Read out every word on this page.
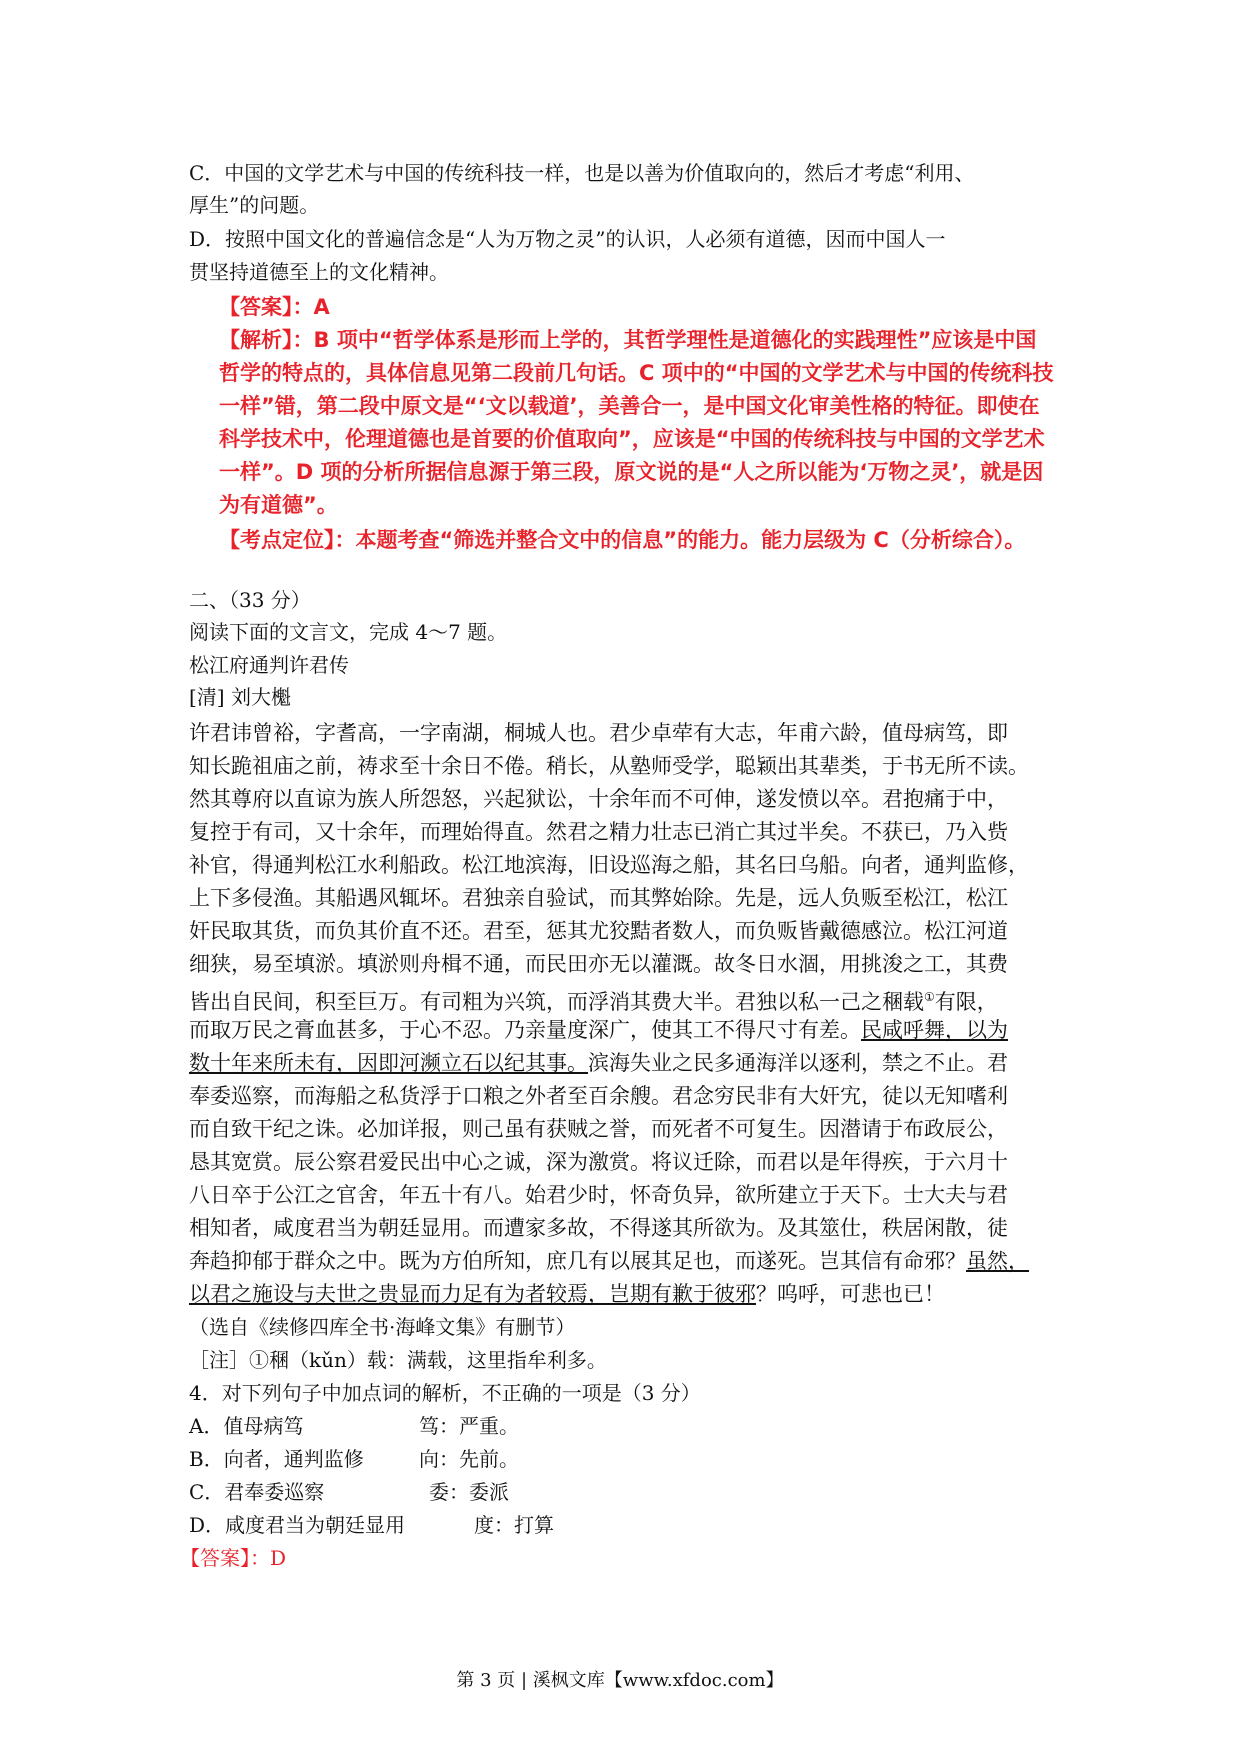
C．中国的文学艺术与中国的传统科技一样，也是以善为价值取向的，然后才考虑“利用、
厚生”的问题。
D．按照中国文化的普遍信念是“人为万物之灵”的认识，人必须有道德，因而中国人一
贯坚持道德至上的文化精神。
【答案】：A
【解析】：B 项中“哲学体系是形而上学的，其哲学理性是道德化的实践理性”应该是中国
哲学的特点的，具体信息见第二段前几句话。C 项中的“中国的文学艺术与中国的传统科技
一样”错，第二段中原文是“‘文以载道’，美善合一，是中国文化审美性格的特征。即使在
科学技术中，伦理道德也是首要的价值取向”，应该是“中国的传统科技与中国的文学艺术
一样”。D 项的分析所据信息源于第三段，原文说的是“人之所以能为‘万物之灵’，就是因
为有道德”。
【考点定位】：本题考查“筛选并整合文中的信息”的能力。能力层级为 C（分析综合）。
二、（33 分）
阅读下面的文言文，完成 4～7 题。
松江府通判许君传
[清] 刘大櫆
许君讳曾裕，字耆高，一字南湖，桐城人也。君少卓荦有大志，年甫六龄，值母病笃，即
知长跪祖庙之前，祷求至十余日不倦。稍长，从塾师受学，聪颖出其辈类，于书无所不读。
然其尊府以直谅为族人所怨怒，兴起狱讼，十余年而不可伸，遂发愤以卒。君抱痛于中，
复控于有司，又十余年，而理始得直。然君之精力壮志已消亡其过半矣。不获已，乃入赀
补官，得通判松江水利船政。松江地滨海，旧设巡海之船，其名曰乌船。向者，通判监修，
上下多侵渔。其船遇风辄坏。君独亲自验试，而其弊始除。先是，远人负贩至松江，松江
奸民取其货，而负其价直不还。君至，惩其尤狡黠者数人，而负贩皆戴德感泣。松江河道
细狭，易至填淤。填淤则舟楫不通，而民田亦无以灌溉。故冬日水涸，用挑浚之工，其费
皆出自民间，积至巨万。有司粗为兴筑，而浮消其费大半。君独以私一己之稛载①有限，
而取万民之膏血甚多，于心不忍。乃亲量度深广，使其工不得尺寸有差。民咸呼舞，以为
数十年来所未有，因即河濒立石以纪其事。滨海失业之民多通海洋以逐利，禁之不止。君
奉委巡察，而海船之私货浮于口粮之外者至百余艘。君念穷民非有大奸宄，徒以无知嗜利
而自致干纪之诛。必加详报，则己虽有获贼之誉，而死者不可复生。因潜请于布政辰公，
恳其宽赏。辰公察君爱民出中心之诚，深为激赏。将议迁除，而君以是年得疾，于六月十
八日卒于公江之官舍，年五十有八。始君少时，怀奇负异，欲所建立于天下。士大夫与君
相知者，咸度君当为朝廷显用。而遭家多故，不得遂其所欲为。及其筮仕，秩居闲散，徒
奔趋抑郁于群众之中。既为方伯所知，庶几有以展其足也，而遂死。岂其信有命邪？虽然，
以君之施设与夫世之贵显而力足有为者较焉，岂期有歉于彼邪？呜呼，可悲也已！
（选自《续修四库全书·海峰文集》有删节）
［注］①稛（kǔn）载：满载，这里指牟利多。
4．对下列句子中加点词的解析，不正确的一项是（3 分）
A．值母病笃	笃：严重。
B．向者，通判监修	向：先前。
C．君奉委巡察	委：委派
D．咸度君当为朝廷显用	度：打算
【答案】：D
第 3 页 | 溪枫文库【www.xfdoc.com】
